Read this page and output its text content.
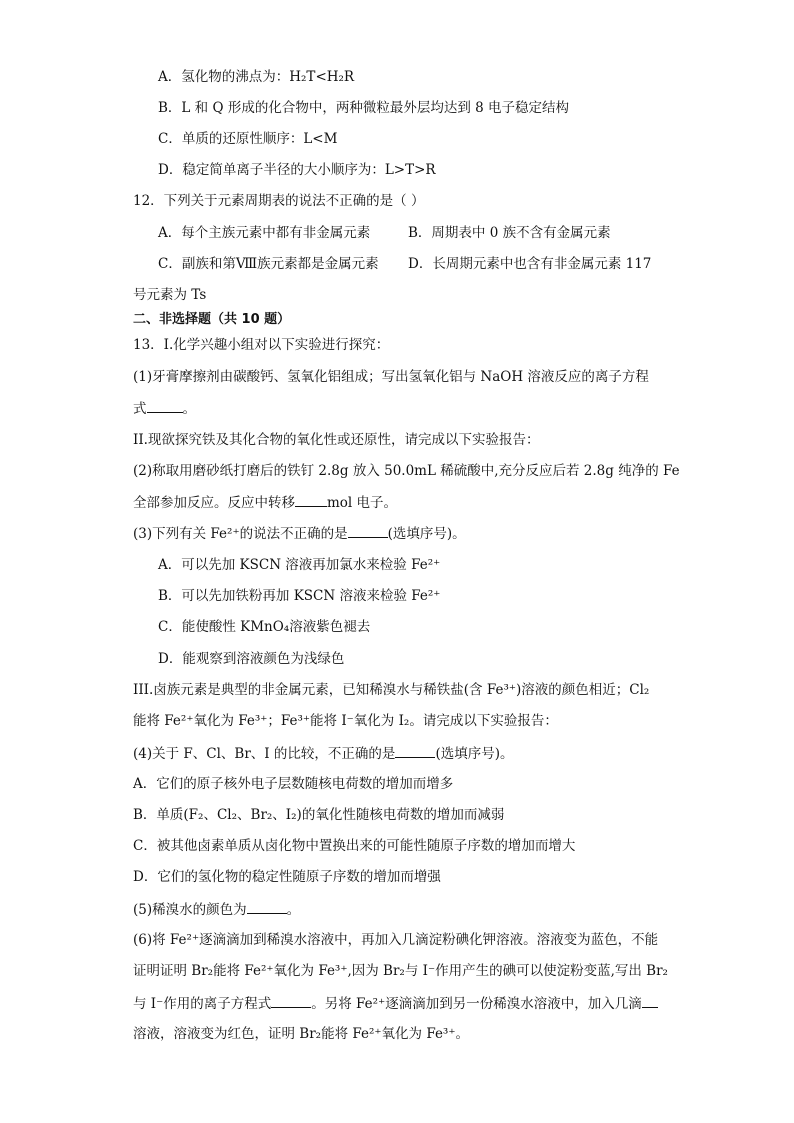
A．氢化物的沸点为：H₂T<H₂R
B．L 和 Q 形成的化合物中，两种微粒最外层均达到 8 电子稳定结构
C．单质的还原性顺序：L<M
D．稳定简单离子半径的大小顺序为：L>T>R
12．下列关于元素周期表的说法不正确的是（ ）
A．每个主族元素中都有非金属元素	B．周期表中 0 族不含有金属元素
C．副族和第Ⅷ族元素都是金属元素 D．长周期元素中也含有非金属元素 117
号元素为 Ts
二、非选择题（共 10 题）
13．I.化学兴趣小组对以下实验进行探究：
(1)牙膏摩擦剂由碳酸钙、氢氧化铝组成；写出氢氧化铝与 NaOH 溶液反应的离子方程
式	。
II.现欲探究铁及其化合物的氧化性或还原性，请完成以下实验报告：
(2)称取用磨砂纸打磨后的铁钉 2.8g 放入 50.0mL 稀硫酸中,充分反应后若 2.8g 纯净的 Fe
全部参加反应。反应中转移 mol 电子。
(3)下列有关 Fe²⁺的说法不正确的是	(选填序号)。
A．可以先加 KSCN 溶液再加氯水来检验 Fe²⁺
B．可以先加铁粉再加 KSCN 溶液来检验 Fe²⁺
C．能使酸性 KMnO₄溶液紫色褪去
D．能观察到溶液颜色为浅绿色
III.卤族元素是典型的非金属元素，已知稀溴水与稀铁盐(含 Fe³⁺)溶液的颜色相近；Cl₂
能将 Fe²⁺氧化为 Fe³⁺；Fe³⁺能将 I⁻氧化为 I₂。请完成以下实验报告：
(4)关于 F、Cl、Br、I 的比较，不正确的是	(选填序号)。
A．它们的原子核外电子层数随核电荷数的增加而增多
B．单质(F₂、Cl₂、Br₂、I₂)的氧化性随核电荷数的增加而减弱
C．被其他卤素单质从卤化物中置换出来的可能性随原子序数的增加而增大
D．它们的氢化物的稳定性随原子序数的增加而增强
(5)稀溴水的颜色为	。
(6)将 Fe²⁺逐滴滴加到稀溴水溶液中，再加入几滴淀粉碘化钾溶液。溶液变为蓝色，不能
证明证明 Br₂能将 Fe²⁺氧化为 Fe³⁺,因为 Br₂与 I⁻作用产生的碘可以使淀粉变蓝,写出 Br₂
与 I⁻作用的离子方程式	。另将 Fe²⁺逐滴滴加到另一份稀溴水溶液中，加入几滴
溶液，溶液变为红色，证明 Br₂能将 Fe²⁺氧化为 Fe³⁺。
